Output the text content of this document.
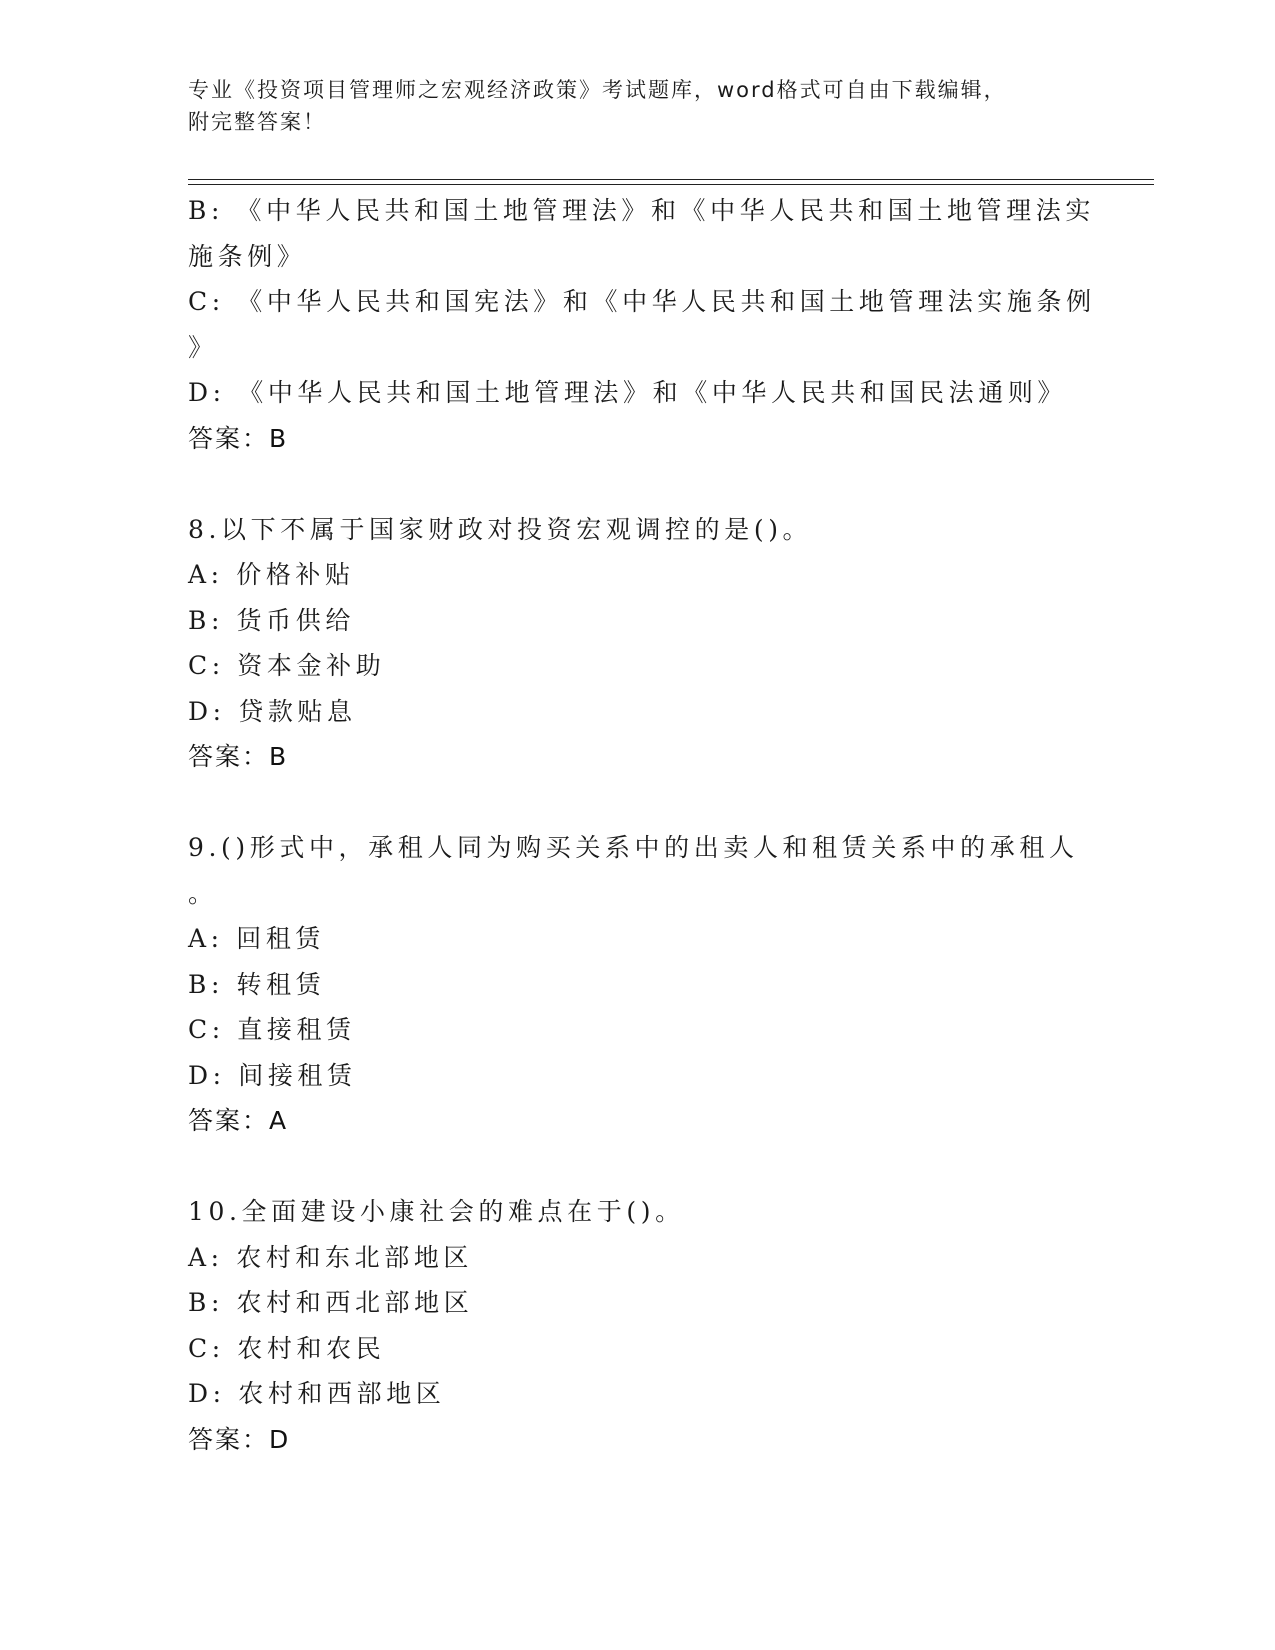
专业《投资项目管理师之宏观经济政策》考试题库，word格式可自由下载编辑，
附完整答案！
B: 《中华人民共和国土地管理法》和《中华人民共和国土地管理法实
施条例》
C: 《中华人民共和国宪法》和《中华人民共和国土地管理法实施条例
》
D: 《中华人民共和国土地管理法》和《中华人民共和国民法通则》
答案：B
8.以下不属于国家财政对投资宏观调控的是()。
A: 价格补贴
B: 货币供给
C: 资本金补助
D: 贷款贴息
答案：B
9.()形式中，承租人同为购买关系中的出卖人和租赁关系中的承租人
。
A: 回租赁
B: 转租赁
C: 直接租赁
D: 间接租赁
答案：A
10.全面建设小康社会的难点在于()。
A: 农村和东北部地区
B: 农村和西北部地区
C: 农村和农民
D: 农村和西部地区
答案：D
